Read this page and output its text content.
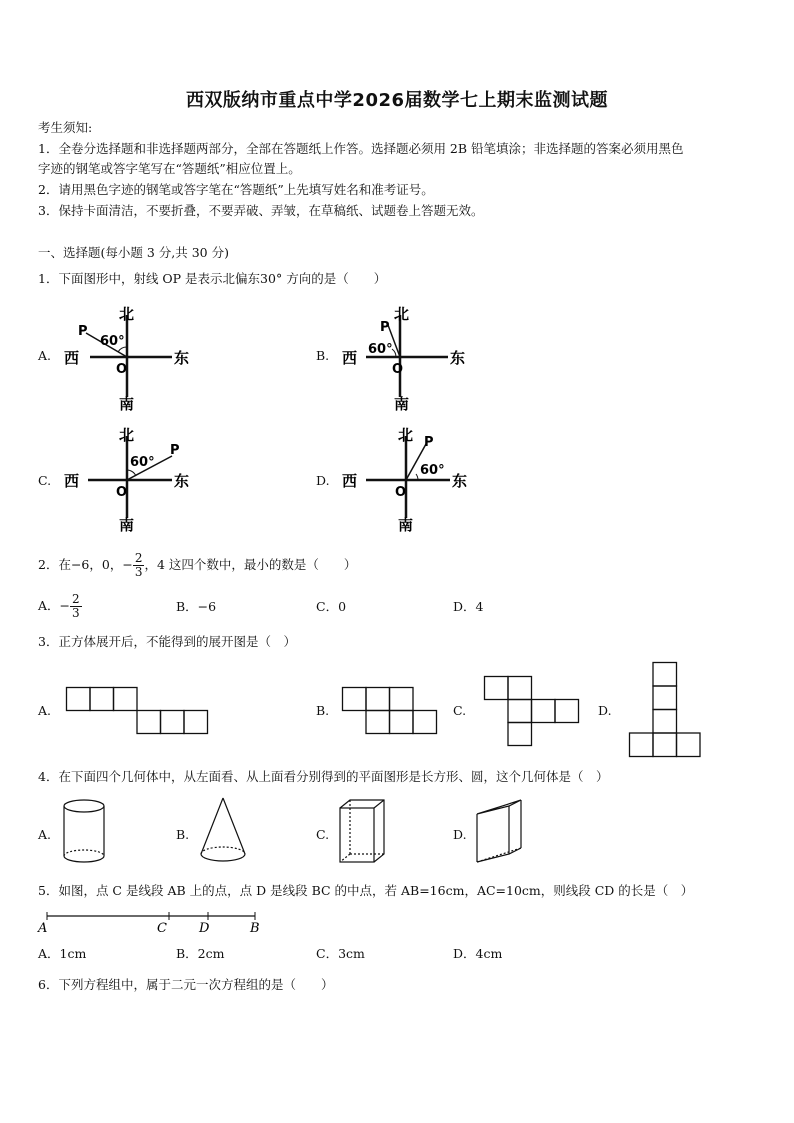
西双版纳市重点中学2026届数学七上期末监测试题
考生须知:
1．全卷分选择题和非选择题两部分，全部在答题纸上作答。选择题必须用 2B 铅笔填涂；非选择题的答案必须用黑色
字迹的钢笔或答字笔写在“答题纸”相应位置上。
2．请用黑色字迹的钢笔或答字笔在“答题纸”上先填写姓名和准考证号。
3．保持卡面清洁，不要折叠，不要弄破、弄皱，在草稿纸、试题卷上答题无效。
一、选择题(每小题 3 分,共 30 分)
1．下面图形中，射线 OP 是表示北偏东30° 方向的是（　　）
A.
北
南
西	东
O
P
60°
B.
北
南
西	东
O
P
60°
C.
北
南
西	东
O
P
60°
D.
北
南
西	东
O
P
60°
2．在−6，0，− $\frac{2}{3}$ ，4 这四个数中，最小的数是（　　）
A．− $\frac{2}{3}$	B．−6	C．0	D．4
3．正方体展开后，不能得到的展开图是（　）
A.	B.	C.	D.
4．在下面四个几何体中，从左面看、从上面看分别得到的平面图形是长方形、圆，这个几何体是（　）
A.	B.	C.	D.
5．如图，点 C 是线段 AB 上的点，点 D 是线段 BC 的中点，若 AB=16cm，AC=10cm，则线段 CD 的长是（　）
A	C D	B
A．1cm	B．2cm	C．3cm	D．4cm
6．下列方程组中，属于二元一次方程组的是（　　）
